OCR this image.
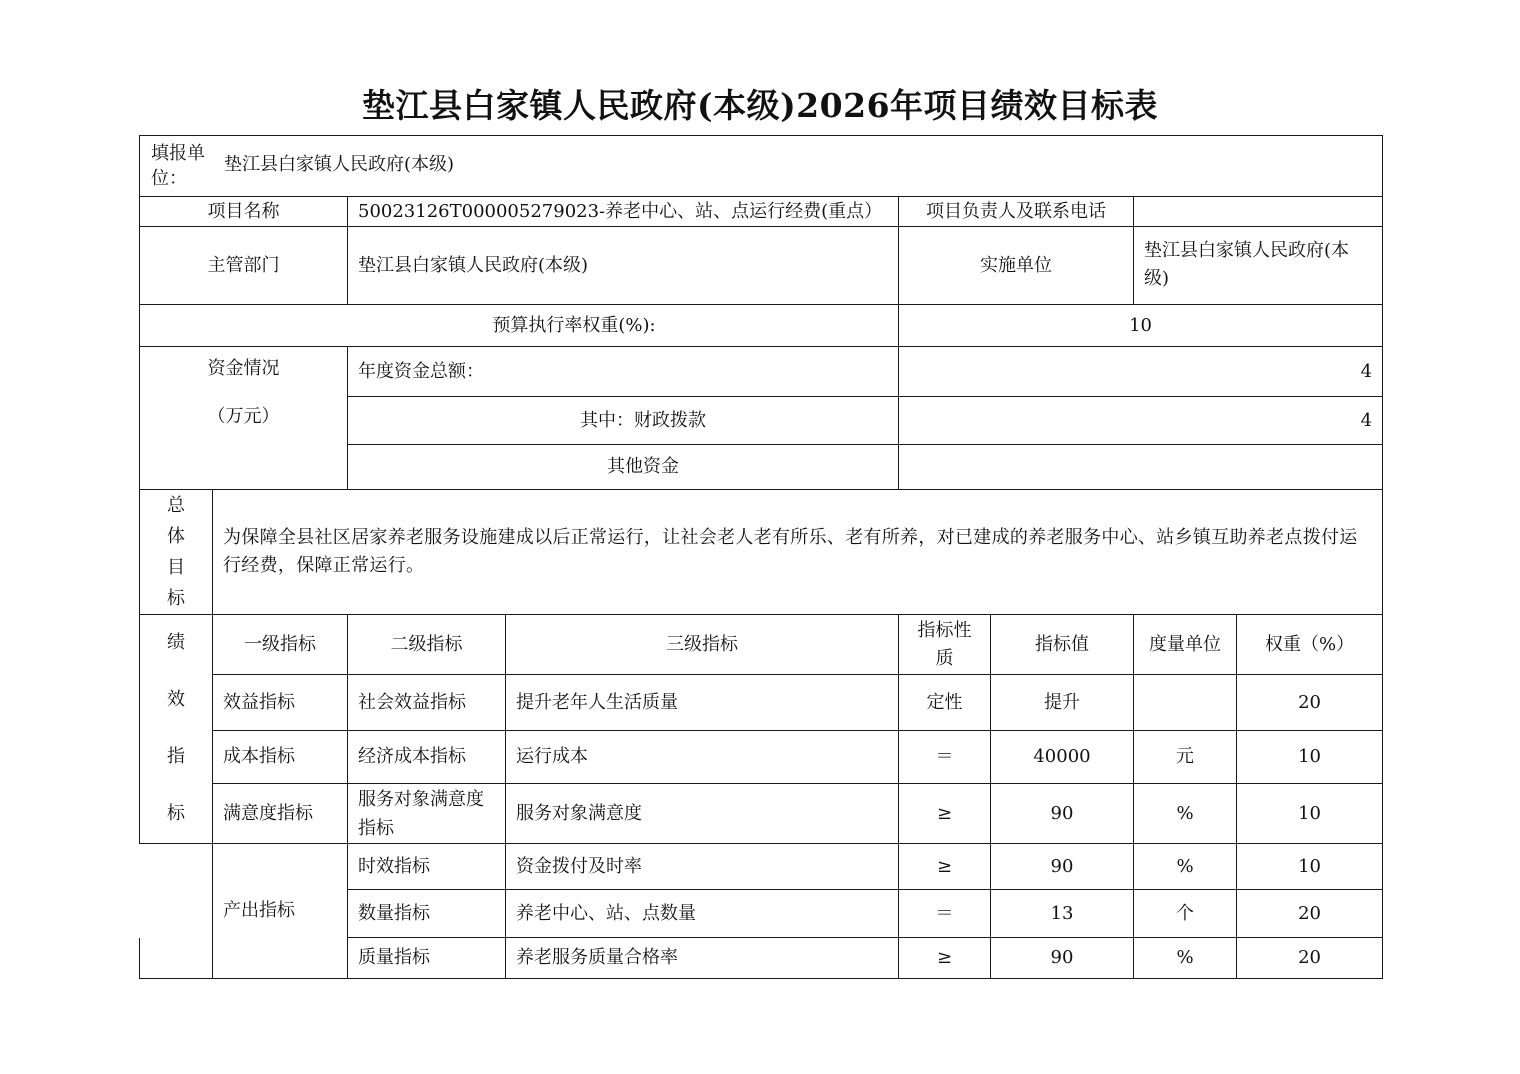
垫江县白家镇人民政府(本级)2026年项目绩效目标表
填报单位：
垫江县白家镇人民政府(本级)							

项目名称		50023126T000005279023-养老中心、站、点运行经费(重点）		项目负责人及联系电话			
主管部门		垫江县白家镇人民政府(本级)		实施单位		垫江县白家镇人民政府(本级)	
预算执行率权重(%):				10			

资金情况
（万元）		年度资金总额：		4			
		其中：财政拨款		4			
		其他资金					

总
体
目
标	为保障全县社区居家养老服务设施建成以后正常运行，让社会老人老有所乐、老有所养，对已建成的养老服务中心、站乡镇互助养老点拨付运行经费，保障正常运行。						

绩
效
指
标	一级指标	二级指标	三级指标	指标性质	指标值	度量单位	权重（%）
	效益指标	社会效益指标	提升老年人生活质量	定性	提升		20
	成本指标	经济成本指标	运行成本	＝	40000	元	10
	满意度指标	服务对象满意度指标	服务对象满意度	≥	90	%	10
	产出指标	时效指标	资金拨付及时率	≥	90	%	10
		数量指标	养老中心、站、点数量	＝	13	个	20
		质量指标	养老服务质量合格率	≥	90	%	20
